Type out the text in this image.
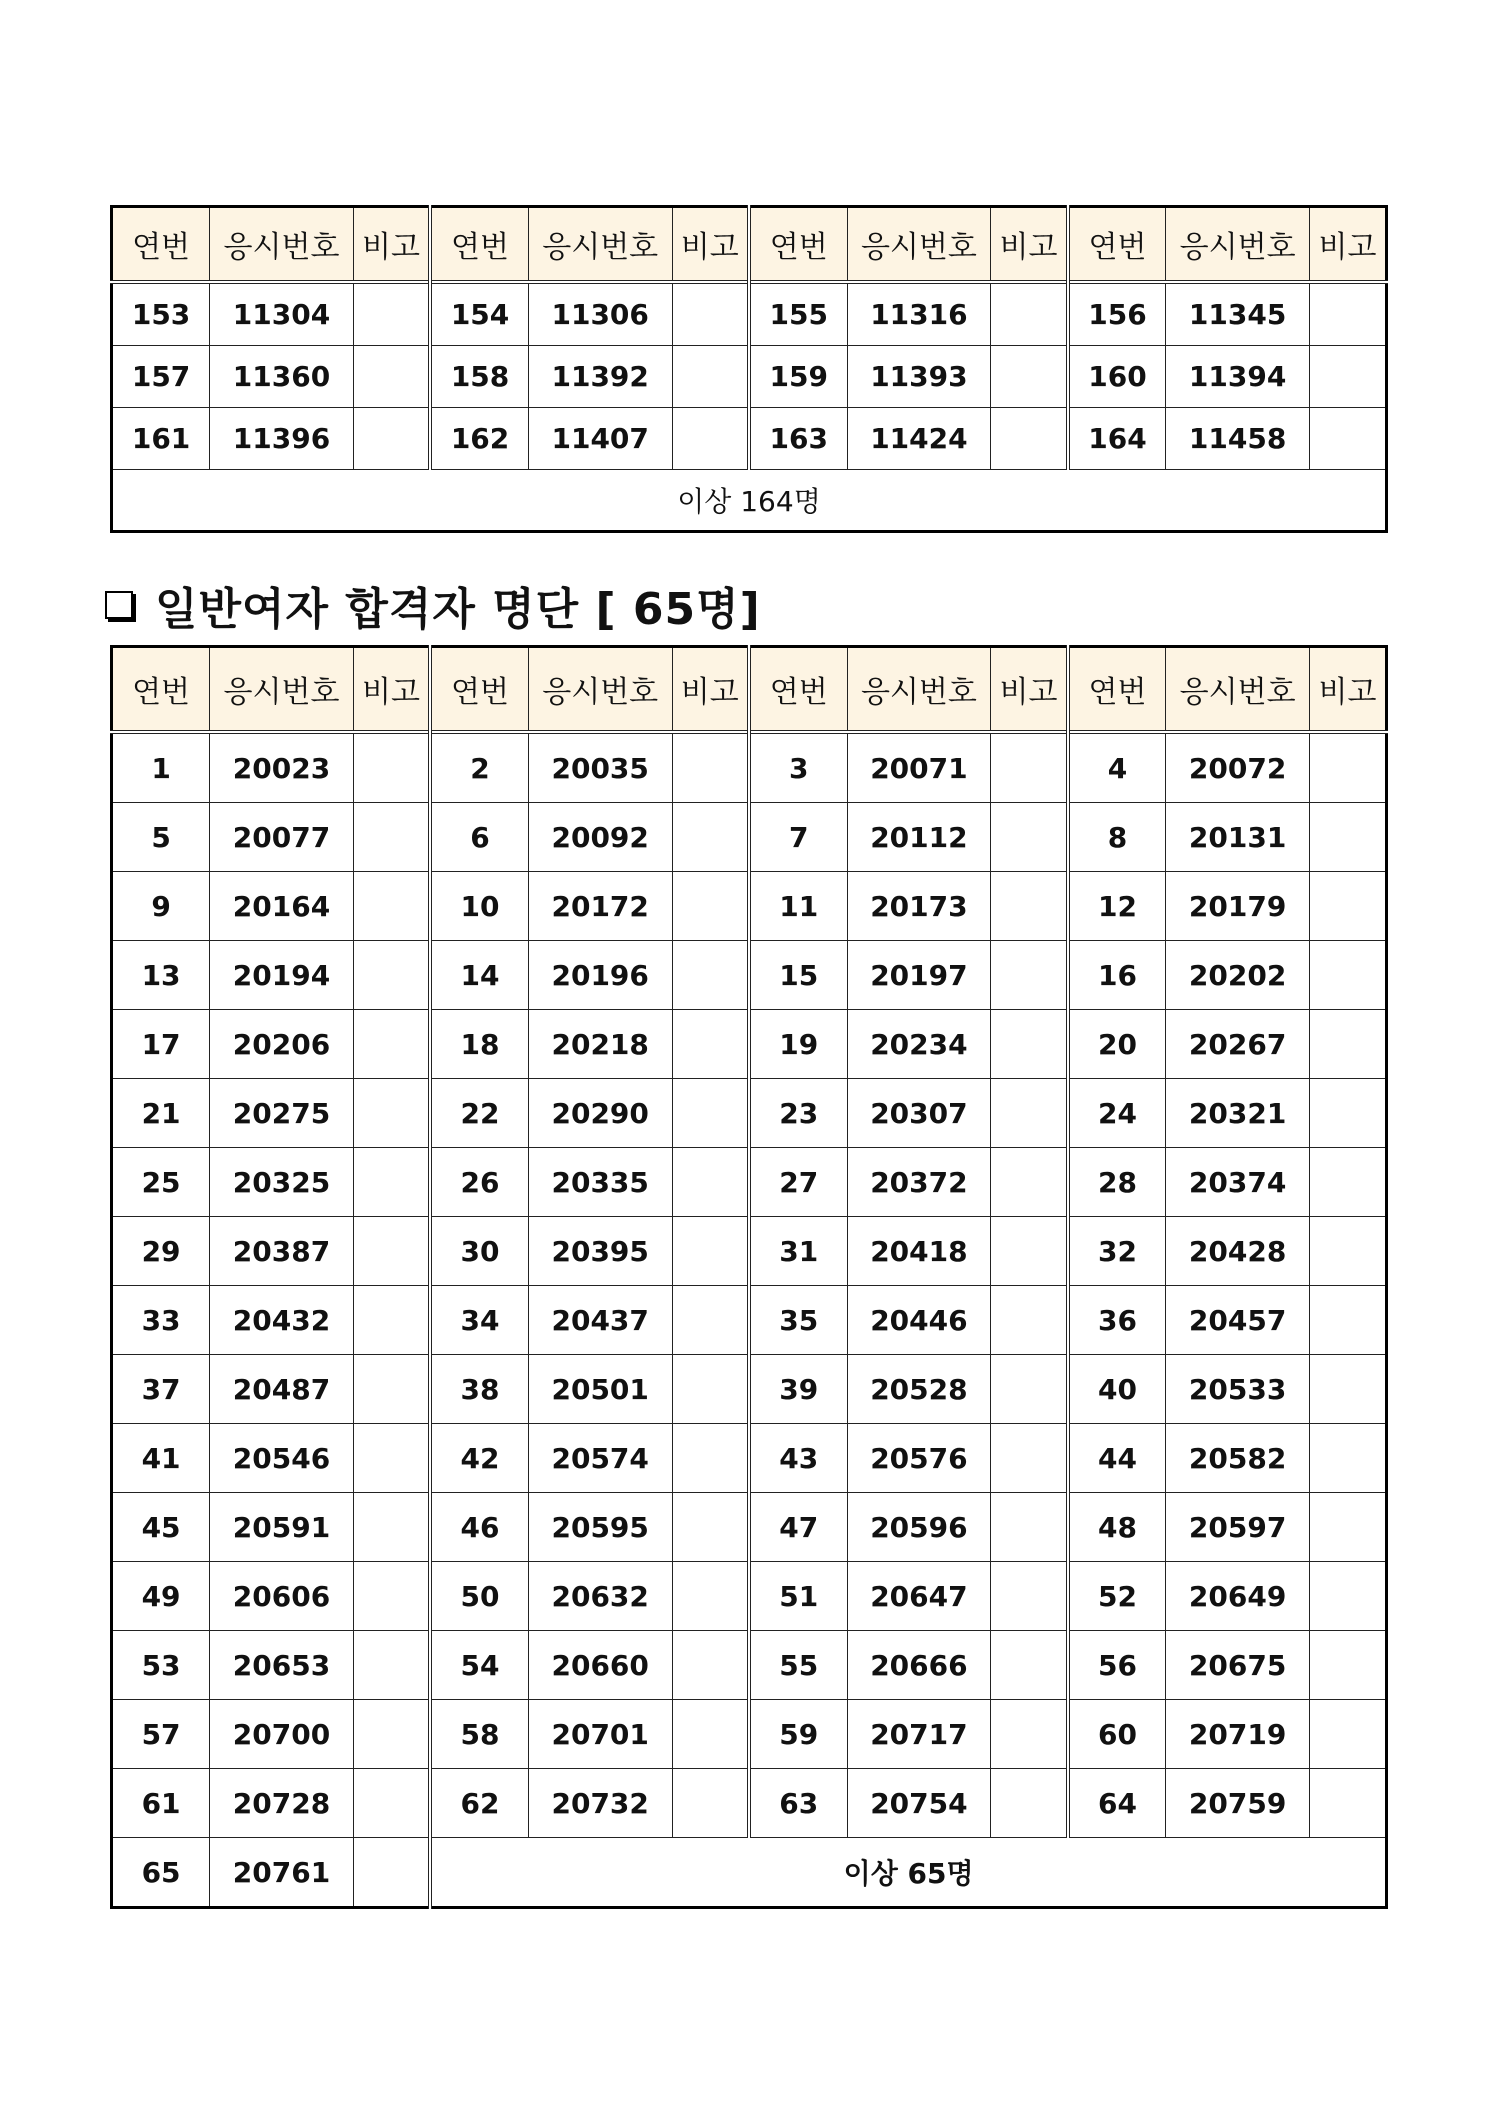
연번	응시번호	비고	연번	응시번호	비고	연번	응시번호	비고	연번	응시번호	비고
153	11304		154	11306		155	11316		156	11345	
157	11360		158	11392		159	11393		160	11394	
161	11396		162	11407		163	11424		164	11458	
이상 164명											
일반여자 합격자 명단 [ 65명]
연번	응시번호	비고	연번	응시번호	비고	연번	응시번호	비고	연번	응시번호	비고
1	20023		2	20035		3	20071		4	20072	
5	20077		6	20092		7	20112		8	20131	
9	20164		10	20172		11	20173		12	20179	
13	20194		14	20196		15	20197		16	20202	
17	20206		18	20218		19	20234		20	20267	
21	20275		22	20290		23	20307		24	20321	
25	20325		26	20335		27	20372		28	20374	
29	20387		30	20395		31	20418		32	20428	
33	20432		34	20437		35	20446		36	20457	
37	20487		38	20501		39	20528		40	20533	
41	20546		42	20574		43	20576		44	20582	
45	20591		46	20595		47	20596		48	20597	
49	20606		50	20632		51	20647		52	20649	
53	20653		54	20660		55	20666		56	20675	
57	20700		58	20701		59	20717		60	20719	
61	20728		62	20732		63	20754		64	20759	
65	20761		이상 65명								
